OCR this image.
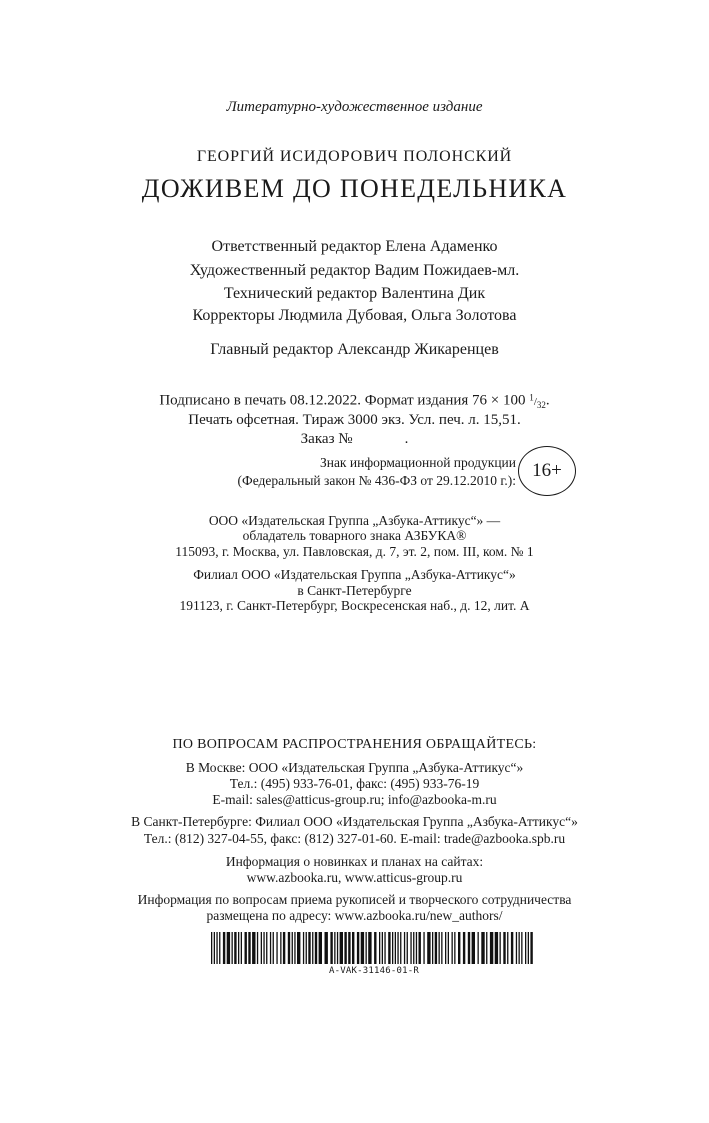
Литературно-художественное издание
ГЕОРГИЙ ИСИДОРОВИЧ ПОЛОНСКИЙ
ДОЖИВЕМ ДО ПОНЕДЕЛЬНИКА
Ответственный редактор Елена Адаменко
Художественный редактор Вадим Пожидаев-мл.
Технический редактор Валентина Дик
Корректоры Людмила Дубовая, Ольга Золотова
Главный редактор Александр Жикаренцев
Подписано в печать 08.12.2022. Формат издания 76 × 100 $^1/_{32}$.
Печать офсетная. Тираж 3000 экз. Усл. печ. л. 15,51.
Заказ №	.
Знак информационной продукции
(Федеральный закон № 436-ФЗ от 29.12.2010 г.): 16+
ООО «Издательская Группа „Азбука-Аттикус“» —
обладатель товарного знака АЗБУКА®
115093, г. Москва, ул. Павловская, д. 7, эт. 2, пом. III, ком. № 1
Филиал ООО «Издательская Группа „Азбука-Аттикус“»
в Санкт-Петербурге
191123, г. Санкт-Петербург, Воскресенская наб., д. 12, лит. А
ПО ВОПРОСАМ РАСПРОСТРАНЕНИЯ ОБРАЩАЙТЕСЬ:
В Москве: ООО «Издательская Группа „Азбука-Аттикус“»
Тел.: (495) 933-76-01, факс: (495) 933-76-19
E-mail: sales@atticus-group.ru; info@azbooka-m.ru
В Санкт-Петербурге: Филиал ООО «Издательская Группа „Азбука-Аттикус“»
Тел.: (812) 327-04-55, факс: (812) 327-01-60. E-mail: trade@azbooka.spb.ru
Информация о новинках и планах на сайтах:
www.azbooka.ru, www.atticus-group.ru
Информация по вопросам приема рукописей и творческого сотрудничества
размещена по адресу: www.azbooka.ru/new_authors/
A-VAK-31146-01-R
